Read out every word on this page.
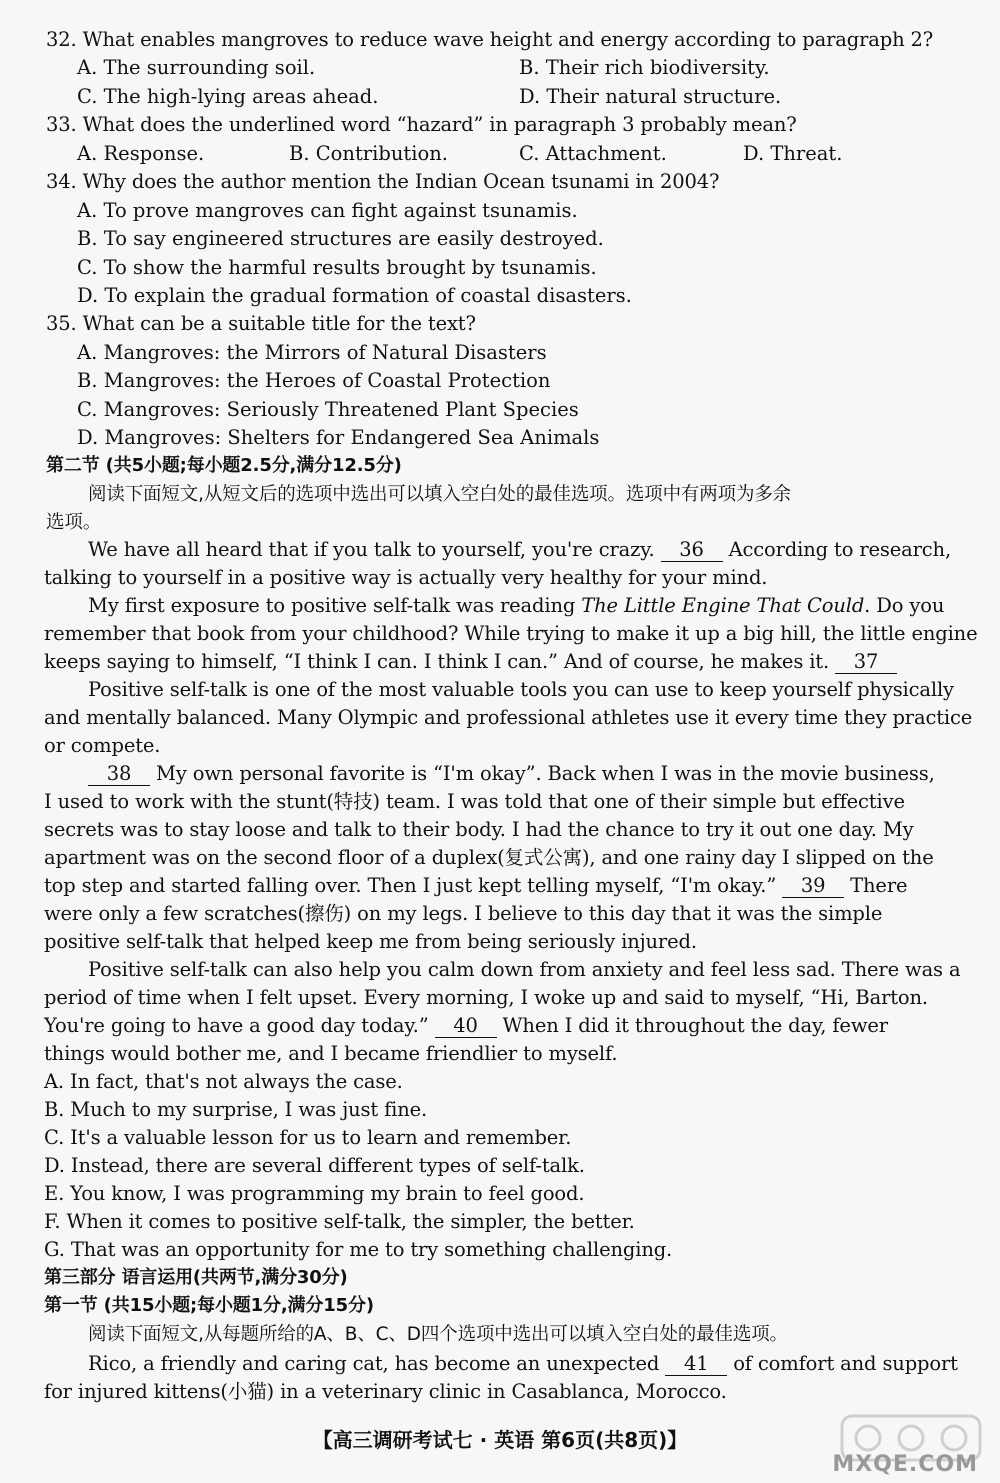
32. What enables mangroves to reduce wave height and energy according to paragraph 2?
A. The surrounding soil.	B. Their rich biodiversity.
C. The high-lying areas ahead.	D. Their natural structure.
33. What does the underlined word “hazard” in paragraph 3 probably mean?
A. Response.	B. Contribution.	C. Attachment.	D. Threat.
34. Why does the author mention the Indian Ocean tsunami in 2004?
A. To prove mangroves can fight against tsunamis.
B. To say engineered structures are easily destroyed.
C. To show the harmful results brought by tsunamis.
D. To explain the gradual formation of coastal disasters.
35. What can be a suitable title for the text?
A. Mangroves: the Mirrors of Natural Disasters
B. Mangroves: the Heroes of Coastal Protection
C. Mangroves: Seriously Threatened Plant Species
D. Mangroves: Shelters for Endangered Sea Animals
第二节 (共5小题;每小题2.5分,满分12.5分)
阅读下面短文,从短文后的选项中选出可以填入空白处的最佳选项。选项中有两项为多余
选项。
We have all heard that if you talk to yourself, you're crazy. 36 According to research,
talking to yourself in a positive way is actually very healthy for your mind.
My first exposure to positive self-talk was reading The Little Engine That Could. Do you
remember that book from your childhood? While trying to make it up a big hill, the little engine
keeps saying to himself, “I think I can. I think I can.” And of course, he makes it. 37
Positive self-talk is one of the most valuable tools you can use to keep yourself physically
and mentally balanced. Many Olympic and professional athletes use it every time they practice
or compete.
38 My own personal favorite is “I'm okay”. Back when I was in the movie business,
I used to work with the stunt(特技) team. I was told that one of their simple but effective
secrets was to stay loose and talk to their body. I had the chance to try it out one day. My
apartment was on the second floor of a duplex(复式公寓), and one rainy day I slipped on the
top step and started falling over. Then I just kept telling myself, “I'm okay.” 39 There
were only a few scratches(擦伤) on my legs. I believe to this day that it was the simple
positive self-talk that helped keep me from being seriously injured.
Positive self-talk can also help you calm down from anxiety and feel less sad. There was a
period of time when I felt upset. Every morning, I woke up and said to myself, “Hi, Barton.
You're going to have a good day today.” 40 When I did it throughout the day, fewer
things would bother me, and I became friendlier to myself.
A. In fact, that's not always the case.
B. Much to my surprise, I was just fine.
C. It's a valuable lesson for us to learn and remember.
D. Instead, there are several different types of self-talk.
E. You know, I was programming my brain to feel good.
F. When it comes to positive self-talk, the simpler, the better.
G. That was an opportunity for me to try something challenging.
第三部分 语言运用(共两节,满分30分)
第一节 (共15小题;每小题1分,满分15分)
阅读下面短文,从每题所给的A、B、C、D四个选项中选出可以填入空白处的最佳选项。
Rico, a friendly and caring cat, has become an unexpected 41 of comfort and support
for injured kittens(小猫) in a veterinary clinic in Casablanca, Morocco.
【高三调研考试七 · 英语 第6页(共8页)】
MXQE.COM
